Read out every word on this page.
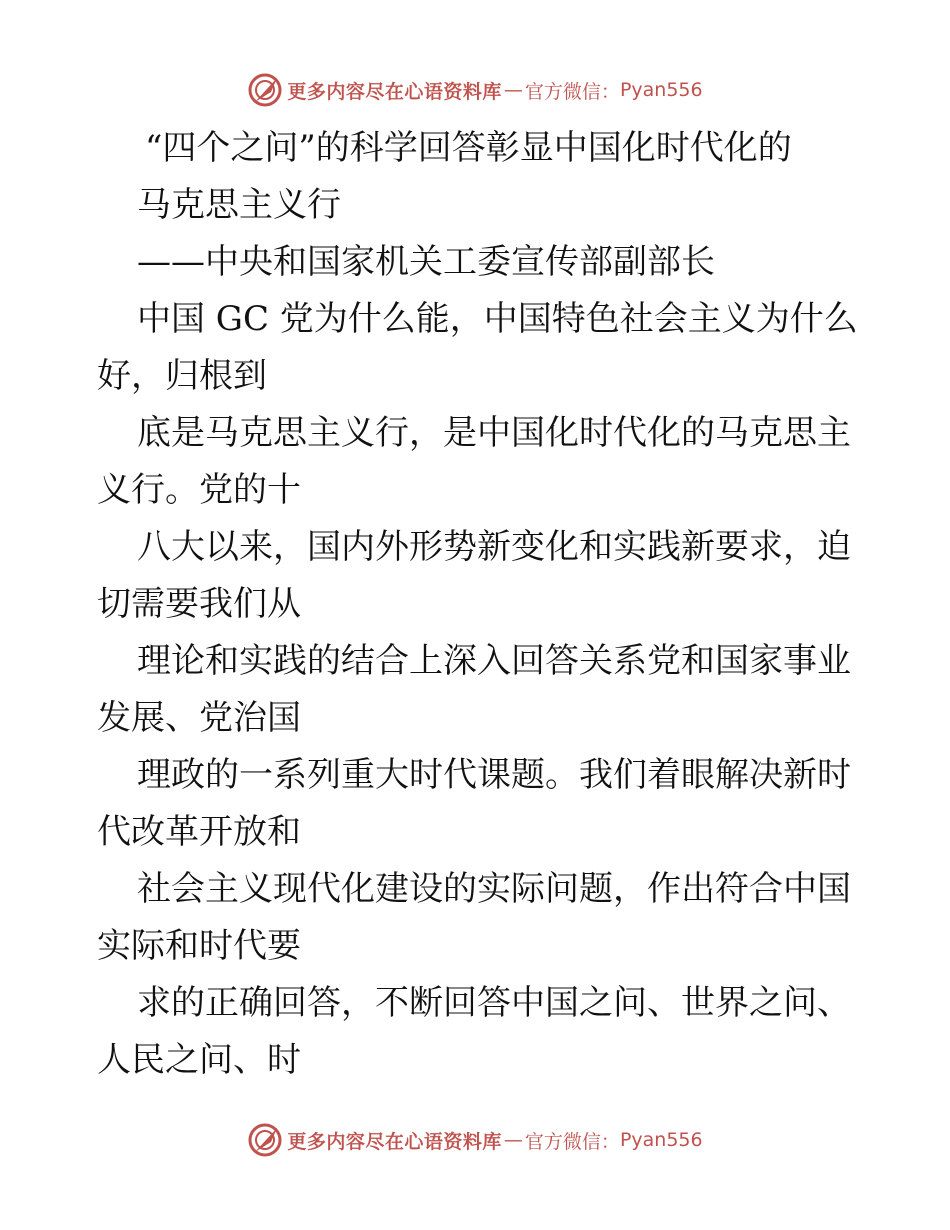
更多内容尽在心语资料库 — 官方微信： Pyan556
“四个之问”的科学回答彰显中国化时代化的
马克思主义行
——中央和国家机关工委宣传部副部长
中国 GC 党为什么能，中国特色社会主义为什么
好，归根到
底是马克思主义行，是中国化时代化的马克思主
义行。党的十
八大以来，国内外形势新变化和实践新要求，迫
切需要我们从
理论和实践的结合上深入回答关系党和国家事业
发展、党治国
理政的一系列重大时代课题。我们着眼解决新时
代改革开放和
社会主义现代化建设的实际问题，作出符合中国
实际和时代要
求的正确回答，不断回答中国之问、世界之问、
人民之问、时
更多内容尽在心语资料库 — 官方微信： Pyan556
